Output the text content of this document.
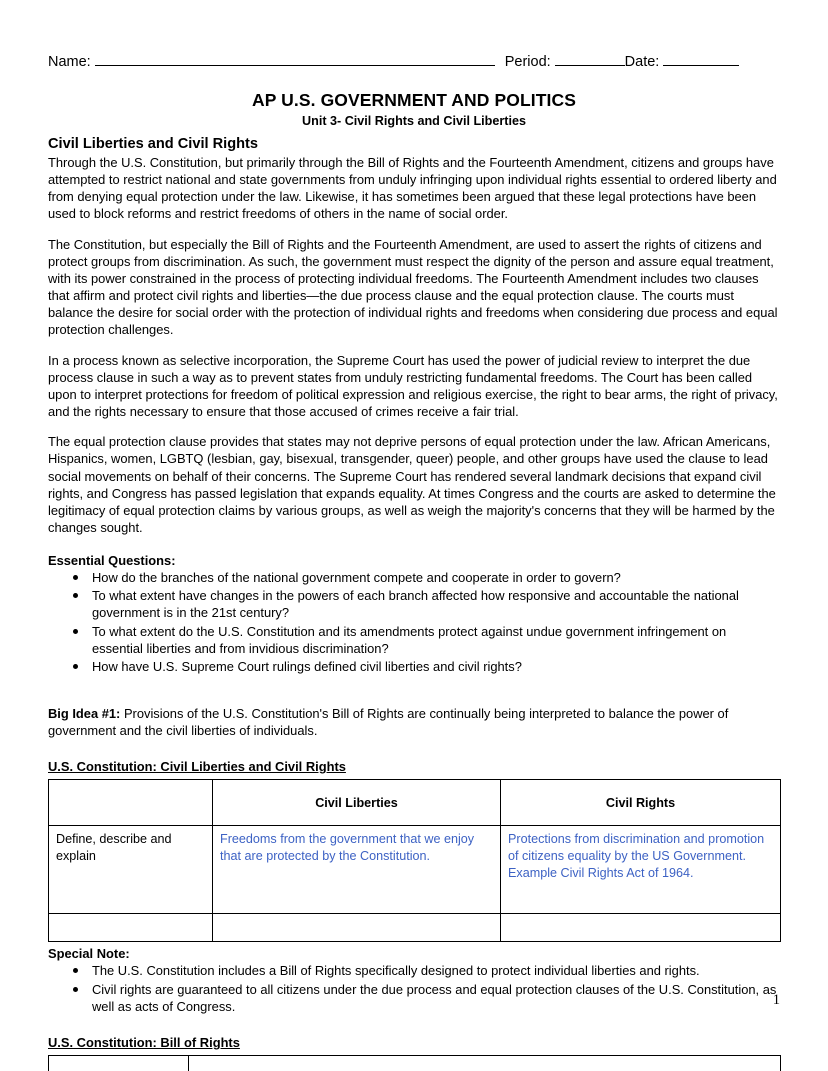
Name:	Period:	Date:
AP U.S. GOVERNMENT AND POLITICS
Unit 3- Civil Rights and Civil Liberties
Civil Liberties and Civil Rights
Through the U.S. Constitution, but primarily through the Bill of Rights and the Fourteenth Amendment, citizens and groups have attempted to restrict national and state governments from unduly infringing upon individual rights essential to ordered liberty and from denying equal protection under the law. Likewise, it has sometimes been argued that these legal protections have been used to block reforms and restrict freedoms of others in the name of social order.
The Constitution, but especially the Bill of Rights and the Fourteenth Amendment, are used to assert the rights of citizens and protect groups from discrimination. As such, the government must respect the dignity of the person and assure equal treatment, with its power constrained in the process of protecting individual freedoms. The Fourteenth Amendment includes two clauses that affirm and protect civil rights and liberties—the due process clause and the equal protection clause. The courts must balance the desire for social order with the protection of individual rights and freedoms when considering due process and equal protection challenges.
In a process known as selective incorporation, the Supreme Court has used the power of judicial review to interpret the due process clause in such a way as to prevent states from unduly restricting fundamental freedoms. The Court has been called upon to interpret protections for freedom of political expression and religious exercise, the right to bear arms, the right of privacy, and the rights necessary to ensure that those accused of crimes receive a fair trial.
The equal protection clause provides that states may not deprive persons of equal protection under the law. African Americans, Hispanics, women, LGBTQ (lesbian, gay, bisexual, transgender, queer) people, and other groups have used the clause to lead social movements on behalf of their concerns. The Supreme Court has rendered several landmark decisions that expand civil rights, and Congress has passed legislation that expands equality. At times Congress and the courts are asked to determine the legitimacy of equal protection claims by various groups, as well as weigh the majority's concerns that they will be harmed by the changes sought.
Essential Questions:
How do the branches of the national government compete and cooperate in order to govern?
To what extent have changes in the powers of each branch affected how responsive and accountable the national government is in the 21st century?
To what extent do the U.S. Constitution and its amendments protect against undue government infringement on essential liberties and from invidious discrimination?
How have U.S. Supreme Court rulings defined civil liberties and civil rights?
Big Idea #1: Provisions of the U.S. Constitution's Bill of Rights are continually being interpreted to balance the power of government and the civil liberties of individuals.
U.S. Constitution: Civil Liberties and Civil Rights
	Civil Liberties	Civil Rights
Define, describe and explain	Freedoms from the government that we enjoy that are protected by the Constitution.	Protections from discrimination and promotion of citizens equality by the US Government. Example Civil Rights Act of 1964.

Special Note:
The U.S. Constitution includes a Bill of Rights specifically designed to protect individual liberties and rights.
Civil rights are guaranteed to all citizens under the due process and equal protection clauses of the U.S. Constitution, as well as acts of Congress.
U.S. Constitution: Bill of Rights

1
